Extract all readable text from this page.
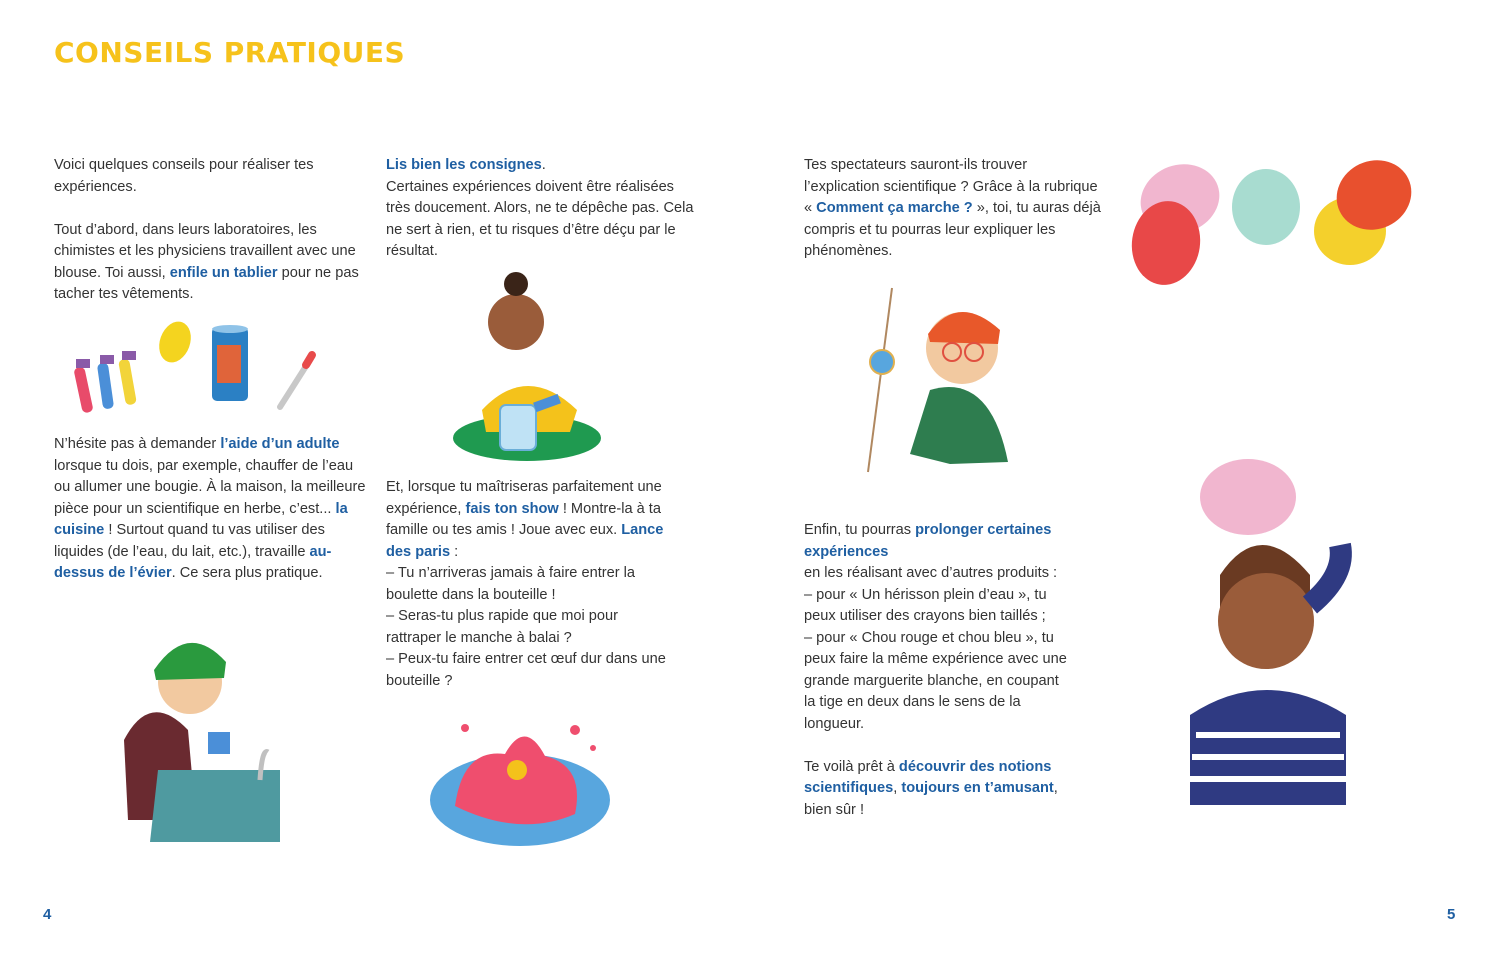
CONSEILS PRATIQUES

Voici quelques conseils pour réaliser tes expériences.

Tout d’abord, dans leurs laboratoires, les chimistes et les physiciens travaillent avec une blouse. Toi aussi, enfile un tablier pour ne pas tacher tes vêtements.

N’hésite pas à demander l’aide d’un adulte lorsque tu dois, par exemple, chauffer de l’eau ou allumer une bougie. À la maison, la meilleure pièce pour un scientifique en herbe, c’est... la cuisine ! Surtout quand tu vas utiliser des liquides (de l’eau, du lait, etc.), travaille au-dessus de l’évier. Ce sera plus pratique.

Lis bien les consignes.
Certaines expériences doivent être réalisées très doucement. Alors, ne te dépêche pas. Cela ne sert à rien, et tu risques d’être déçu par le résultat.

Et, lorsque tu maîtriseras parfaitement une expérience, fais ton show ! Montre-la à ta famille ou tes amis ! Joue avec eux. Lance des paris :

– Tu n’arriveras jamais à faire entrer la boulette dans la bouteille !

– Seras-tu plus rapide que moi pour rattraper le manche à balai ?

– Peux-tu faire entrer cet œuf dur dans une bouteille ?

Tes spectateurs sauront-ils trouver l’explication scientifique ? Grâce à la rubrique « Comment ça marche ? », toi, tu auras déjà compris et tu pourras leur expliquer les phénomènes.

Enfin, tu pourras prolonger certaines expériences
en les réalisant avec d’autres produits :
– pour « Un hérisson plein d’eau », tu peux utiliser des crayons bien taillés ;
– pour « Chou rouge et chou bleu », tu peux faire la même expérience avec une grande marguerite blanche, en coupant la tige en deux dans le sens de la longueur.

Te voilà prêt à découvrir des notions scientifiques, toujours en t’amusant, bien sûr !

4	5
